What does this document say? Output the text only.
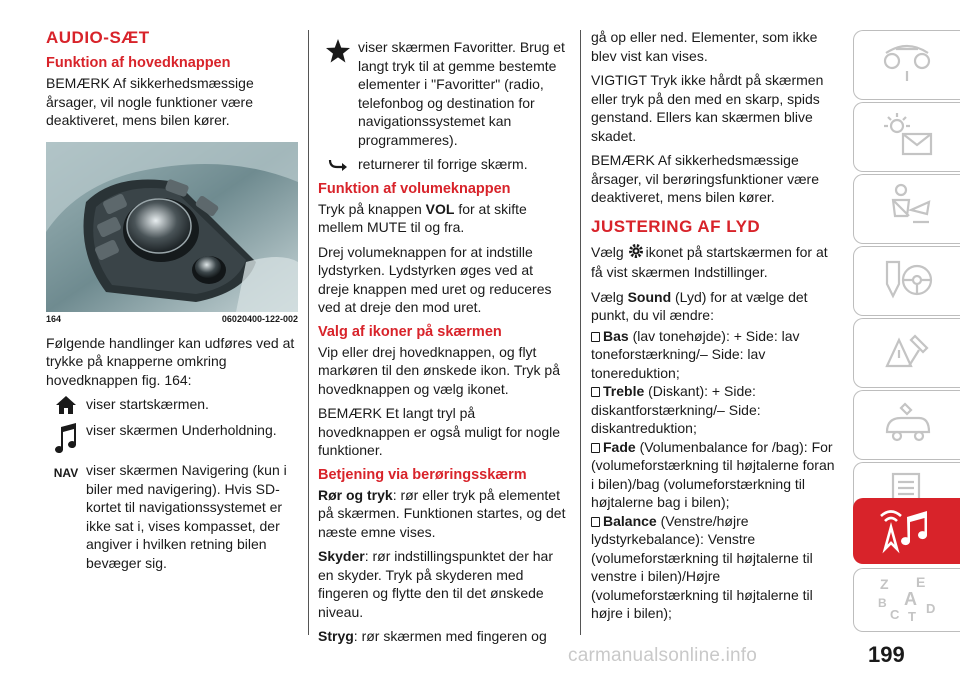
AUDIO-SÆT
Funktion af hovedknappen

BEMÆRK Af sikkerhedsmæssige årsager, vil nogle funktioner være deaktiveret, mens bilen kører.

164	06020400-122-002

Følgende handlinger kan udføres ved at trykke på knapperne omkring hovedknappen fig. 164:

viser startskærmen.
viser skærmen Underholdning.
NAV viser skærmen Navigering (kun i biler med navigering). Hvis SD-kortet til navigationssystemet er ikke sat i, vises kompasset, der angiver i hvilken retning bilen bevæger sig.
viser skærmen Favoritter. Brug et langt tryk til at gemme bestemte elementer i "Favoritter" (radio, telefonbog og destination for navigationssystemet kan programmeres).
returnerer til forrige skærm.
Funktion af volumeknappen

Tryk på knappen VOL for at skifte mellem MUTE til og fra.

Drej volumeknappen for at indstille lydstyrken. Lydstyrken øges ved at dreje knappen med uret og reduceres ved at dreje den mod uret.

Valg af ikoner på skærmen

Vip eller drej hovedknappen, og flyt markøren til den ønskede ikon. Tryk på hovedknappen og vælg ikonet.

BEMÆRK Et langt tryl på hovedknappen er også muligt for nogle funktioner.

Betjening via berøringsskærm

Rør og tryk: rør eller tryk på elementet på skærmen. Funktionen startes, og det næste emne vises.

Skyder: rør indstillingspunktet der har en skyder. Tryk på skyderen med fingeren og flytte den til det ønskede niveau.

Stryg: rør skærmen med fingeren og

gå op eller ned. Elementer, som ikke blev vist kan vises.

VIGTIGT Tryk ikke hårdt på skærmen eller tryk på den med en skarp, spids genstand. Ellers kan skærmen blive skadet.

BEMÆRK Af sikkerhedsmæssige årsager, vil berøringsfunktioner være deaktiveret, mens bilen kører.

JUSTERING AF LYD

Vælg ikonet på startskærmen for at få vist skærmen Indstillinger.

Vælg Sound (Lyd) for at vælge det punkt, du vil ændre:

Bas (lav tonehøjde): + Side: lav toneforstærkning/– Side: lav tonereduktion;

Treble (Diskant): + Side: diskantforstærkning/– Side: diskantreduktion;

Fade (Volumenbalance for /bag): For (volumeforstærkning til højtalerne foran i bilen)/bag (volumeforstærkning til højtalerne bag i bilen);

Balance (Venstre/højre lydstyrkebalance): Venstre (volumeforstærkning til højtalerne til venstre i bilen)/Højre (volumeforstærkning til højtalerne til højre i bilen);

Z E
B A
C T
D
carmanualsonline.info	199
